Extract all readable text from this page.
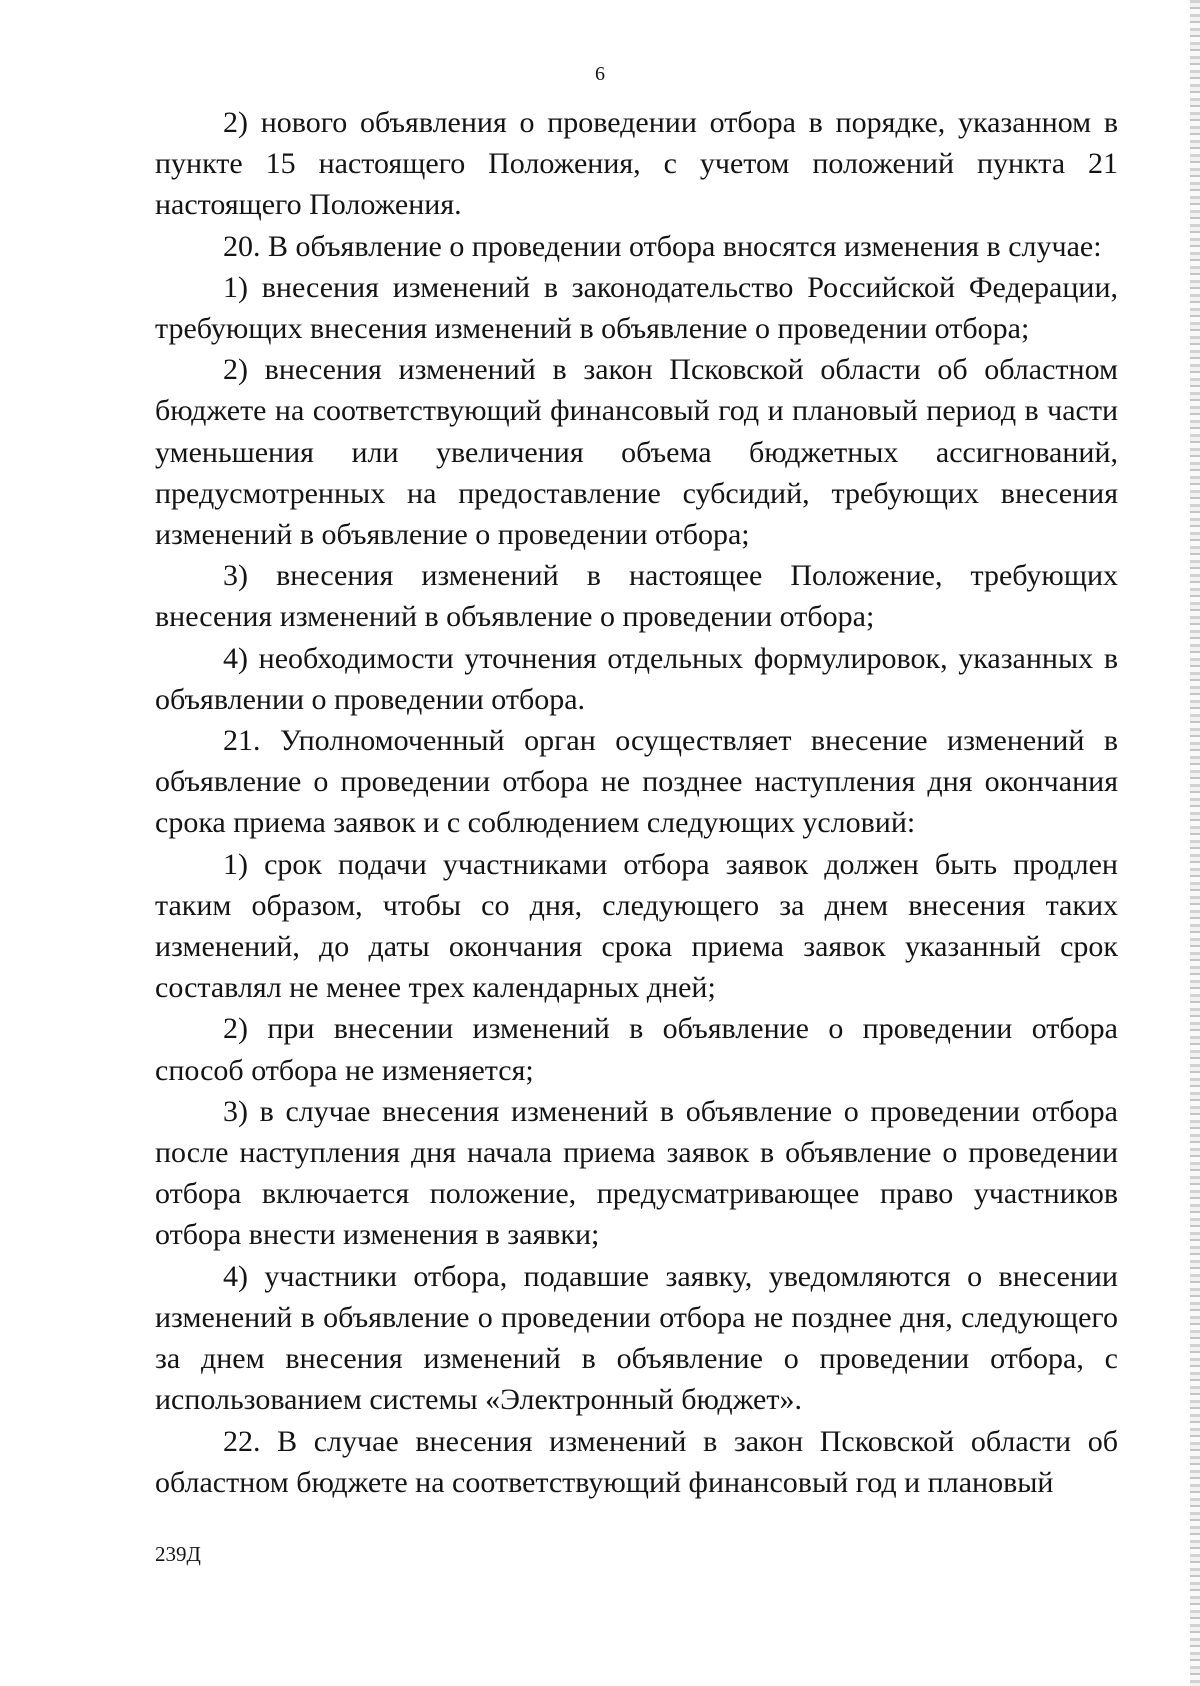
6

2) нового объявления о проведении отбора в порядке, указанном в пункте 15 настоящего Положения, с учетом положений пункта 21 настоящего Положения.

20. В объявление о проведении отбора вносятся изменения в случае:

1) внесения изменений в законодательство Российской Федерации, требующих внесения изменений в объявление о проведении отбора;

2) внесения изменений в закон Псковской области об областном бюджете на соответствующий финансовый год и плановый период в части уменьшения или увеличения объема бюджетных ассигнований, предусмотренных на предоставление субсидий, требующих внесения изменений в объявление о проведении отбора;

3) внесения изменений в настоящее Положение, требующих внесения изменений в объявление о проведении отбора;

4) необходимости уточнения отдельных формулировок, указанных в объявлении о проведении отбора.

21. Уполномоченный орган осуществляет внесение изменений в объявление о проведении отбора не позднее наступления дня окончания срока приема заявок и с соблюдением следующих условий:

1) срок подачи участниками отбора заявок должен быть продлен таким образом, чтобы со дня, следующего за днем внесения таких изменений, до даты окончания срока приема заявок указанный срок составлял не менее трех календарных дней;

2) при внесении изменений в объявление о проведении отбора способ отбора не изменяется;

3) в случае внесения изменений в объявление о проведении отбора после наступления дня начала приема заявок в объявление о проведении отбора включается положение, предусматривающее право участников отбора внести изменения в заявки;

4) участники отбора, подавшие заявку, уведомляются о внесении изменений в объявление о проведении отбора не позднее дня, следующего за днем внесения изменений в объявление о проведении отбора, с использованием системы «Электронный бюджет».

22. В случае внесения изменений в закон Псковской области об областном бюджете на соответствующий финансовый год и плановый

239Д
